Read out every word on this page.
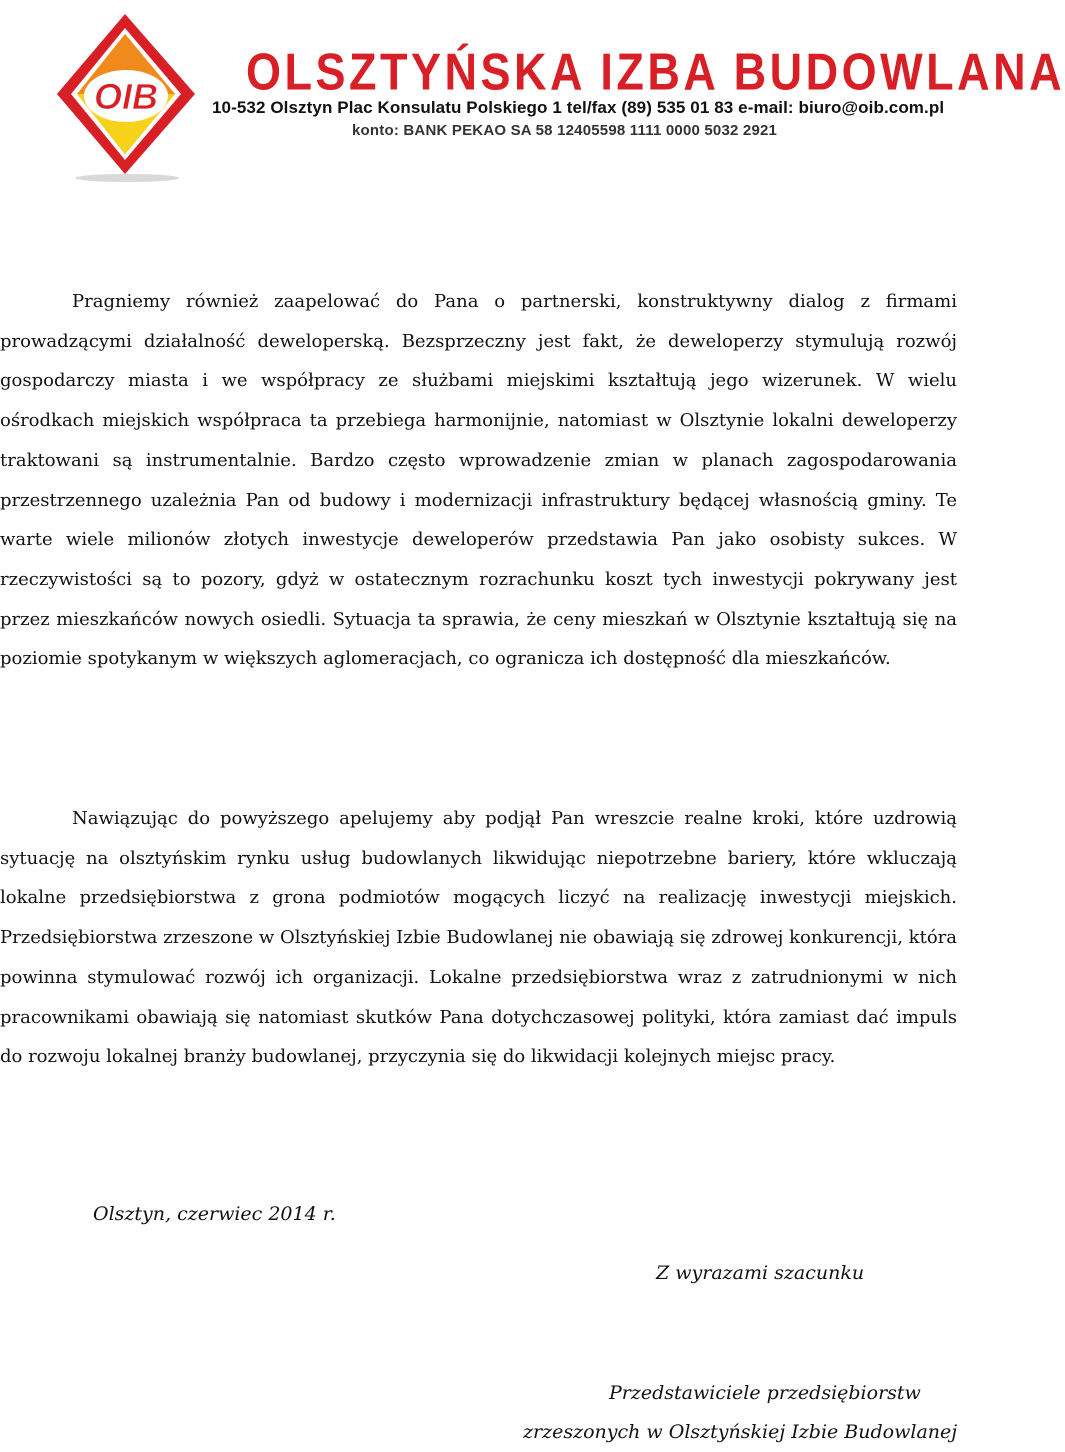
OIB OLSZTYŃSKA IZBA BUDOWLANA
10-532 Olsztyn Plac Konsulatu Polskiego 1 tel/fax (89) 535 01 83 e-mail: biuro@oib.com.pl
konto: BANK PEKAO SA 58 12405598 1111 0000 5032 2921

Pragniemy również zaapelować do Pana o partnerski, konstruktywny dialog z firmami prowadzącymi działalność deweloperską. Bezsprzeczny jest fakt, że deweloperzy stymulują rozwój gospodarczy miasta i we współpracy ze służbami miejskimi kształtują jego wizerunek. W wielu ośrodkach miejskich współpraca ta przebiega harmonijnie, natomiast w Olsztynie lokalni deweloperzy traktowani są instrumentalnie. Bardzo często wprowadzenie zmian w planach zagospodarowania przestrzennego uzależnia Pan od budowy i modernizacji infrastruktury będącej własnością gminy. Te warte wiele milionów złotych inwestycje deweloperów przedstawia Pan jako osobisty sukces. W rzeczywistości są to pozory, gdyż w ostatecznym rozrachunku koszt tych inwestycji pokrywany jest przez mieszkańców nowych osiedli. Sytuacja ta sprawia, że ceny mieszkań w Olsztynie kształtują się na poziomie spotykanym w większych aglomeracjach, co ogranicza ich dostępność dla mieszkańców.

Nawiązując do powyższego apelujemy aby podjął Pan wreszcie realne kroki, które uzdrowią sytuację na olsztyńskim rynku usług budowlanych likwidując niepotrzebne bariery, które wkluczają lokalne przedsiębiorstwa z grona podmiotów mogących liczyć na realizację inwestycji miejskich. Przedsiębiorstwa zrzeszone w Olsztyńskiej Izbie Budowlanej nie obawiają się zdrowej konkurencji, która powinna stymulować rozwój ich organizacji. Lokalne przedsiębiorstwa wraz z zatrudnionymi w nich pracownikami obawiają się natomiast skutków Pana dotychczasowej polityki, która zamiast dać impuls do rozwoju lokalnej branży budowlanej, przyczynia się do likwidacji kolejnych miejsc pracy.

Olsztyn, czerwiec 2014 r.

Z wyrazami szacunku

Przedstawiciele przedsiębiorstw

zrzeszonych w Olsztyńskiej Izbie Budowlanej
